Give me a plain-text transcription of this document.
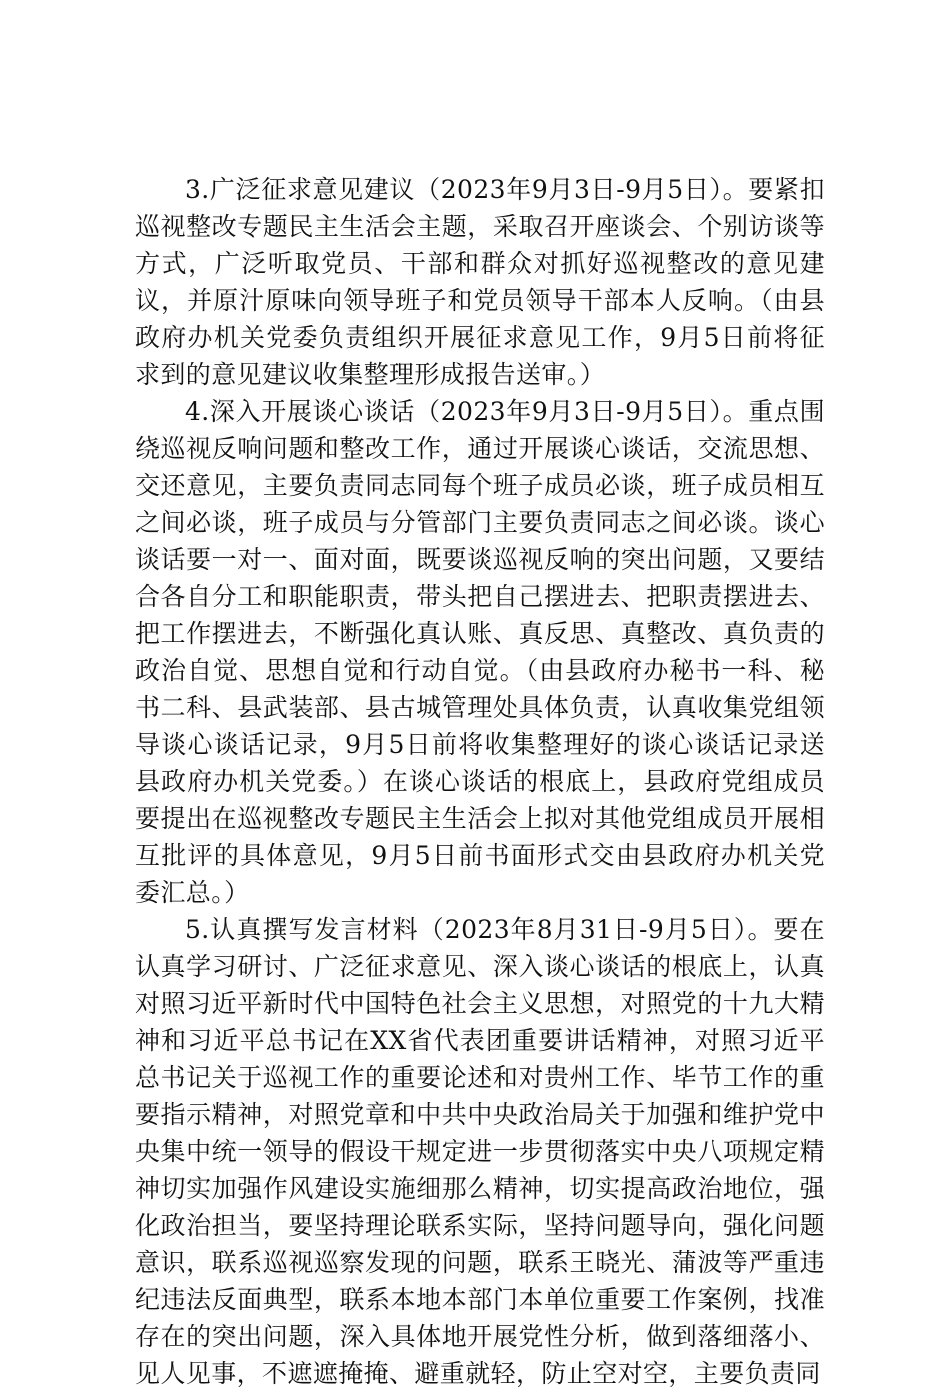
3.广泛征求意见建议（2023年9月3日-9月5日）。要紧扣巡视整改专题民主生活会主题，采取召开座谈会、个别访谈等方式，广泛听取党员、干部和群众对抓好巡视整改的意见建议，并原汁原味向领导班子和党员领导干部本人反响。（由县政府办机关党委负责组织开展征求意见工作，9月5日前将征求到的意见建议收集整理形成报告送审。）

4.深入开展谈心谈话（2023年9月3日-9月5日）。重点围绕巡视反响问题和整改工作，通过开展谈心谈话，交流思想、交还意见，主要负责同志同每个班子成员必谈，班子成员相互之间必谈，班子成员与分管部门主要负责同志之间必谈。谈心谈话要一对一、面对面，既要谈巡视反响的突出问题，又要结合各自分工和职能职责，带头把自己摆进去、把职责摆进去、把工作摆进去，不断强化真认账、真反思、真整改、真负责的政治自觉、思想自觉和行动自觉。（由县政府办秘书一科、秘书二科、县武装部、县古城管理处具体负责，认真收集党组领导谈心谈话记录，9月5日前将收集整理好的谈心谈话记录送县政府办机关党委。）在谈心谈话的根底上，县政府党组成员要提出在巡视整改专题民主生活会上拟对其他党组成员开展相互批评的具体意见，9月5日前书面形式交由县政府办机关党委汇总。）

5.认真撰写发言材料（2023年8月31日-9月5日）。要在认真学习研讨、广泛征求意见、深入谈心谈话的根底上，认真对照习近平新时代中国特色社会主义思想，对照党的十九大精神和习近平总书记在XX省代表团重要讲话精神，对照习近平总书记关于巡视工作的重要论述和对贵州工作、毕节工作的重要指示精神，对照党章和中共中央政治局关于加强和维护党中央集中统一领导的假设干规定进一步贯彻落实中央八项规定精神切实加强作风建设实施细那么精神，切实提高政治地位，强化政治担当，要坚持理论联系实际，坚持问题导向，强化问题意识，联系巡视巡察发现的问题，联系王晓光、蒲波等严重违纪违法反面典型，联系本地本部门本单位重要工作案例，找准存在的突出问题，深入具体地开展党性分析，做到落细落小、见人见事，不遮遮掩掩、避重就轻，防止空对空，主要负责同
